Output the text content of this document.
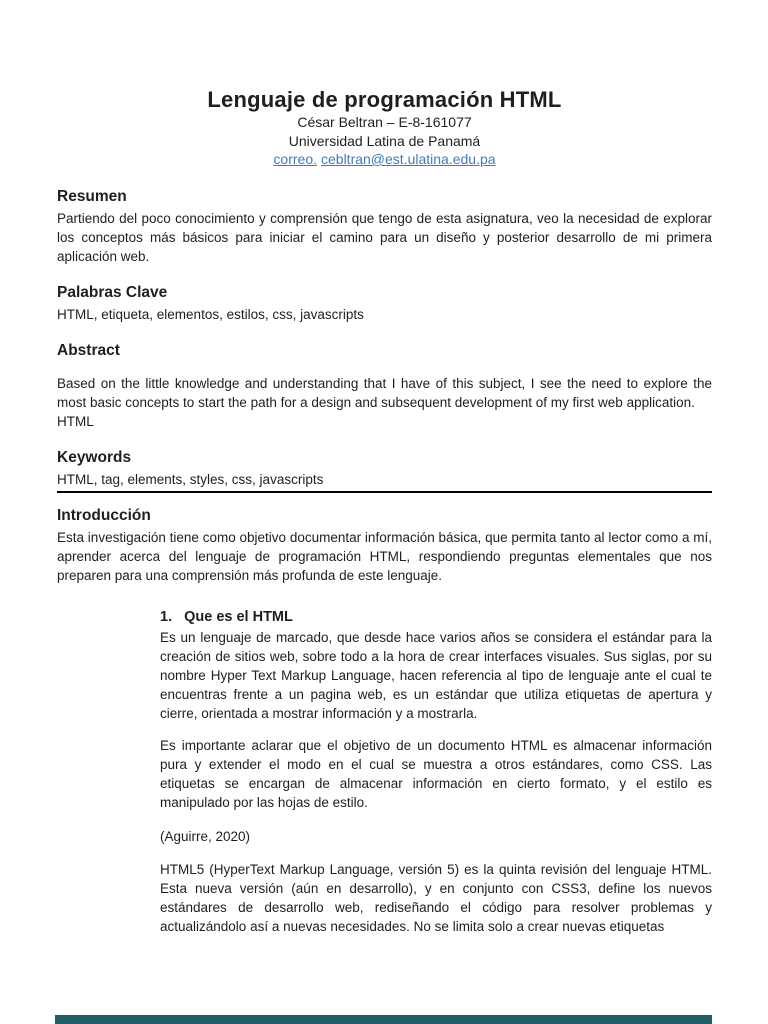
Lenguaje de programación HTML
César Beltran – E-8-161077
Universidad Latina de Panamá
correo. cebltran@est.ulatina.edu.pa
Resumen

Partiendo del poco conocimiento y comprensión que tengo de esta asignatura, veo la necesidad de explorar los conceptos más básicos para iniciar el camino para un diseño y posterior desarrollo de mi primera aplicación web.

Palabras Clave

HTML, etiqueta, elementos, estilos, css, javascripts

Abstract

Based on the little knowledge and understanding that I have of this subject, I see the need to explore the most basic concepts to start the path for a design and subsequent development of my first web application.

HTML

Keywords

HTML, tag, elements, styles, css, javascripts

Introducción

Esta investigación tiene como objetivo documentar información básica, que permita tanto al lector como a mí, aprender acerca del lenguaje de programación HTML, respondiendo preguntas elementales que nos preparen para una comprensión más profunda de este lenguaje.

1. Que es el HTML

Es un lenguaje de marcado, que desde hace varios años se considera el estándar para la creación de sitios web, sobre todo a la hora de crear interfaces visuales. Sus siglas, por su nombre Hyper Text Markup Language, hacen referencia al tipo de lenguaje ante el cual te encuentras frente a un pagina web, es un estándar que utiliza etiquetas de apertura y cierre, orientada a mostrar información y a mostrarla.

Es importante aclarar que el objetivo de un documento HTML es almacenar información pura y extender el modo en el cual se muestra a otros estándares, como CSS. Las etiquetas se encargan de almacenar información en cierto formato, y el estilo es manipulado por las hojas de estilo.

(Aguirre, 2020)

HTML5 (HyperText Markup Language, versión 5) es la quinta revisión del lenguaje HTML. Esta nueva versión (aún en desarrollo), y en conjunto con CSS3, define los nuevos estándares de desarrollo web, rediseñando el código para resolver problemas y actualizándolo así a nuevas necesidades. No se limita solo a crear nuevas etiquetas
